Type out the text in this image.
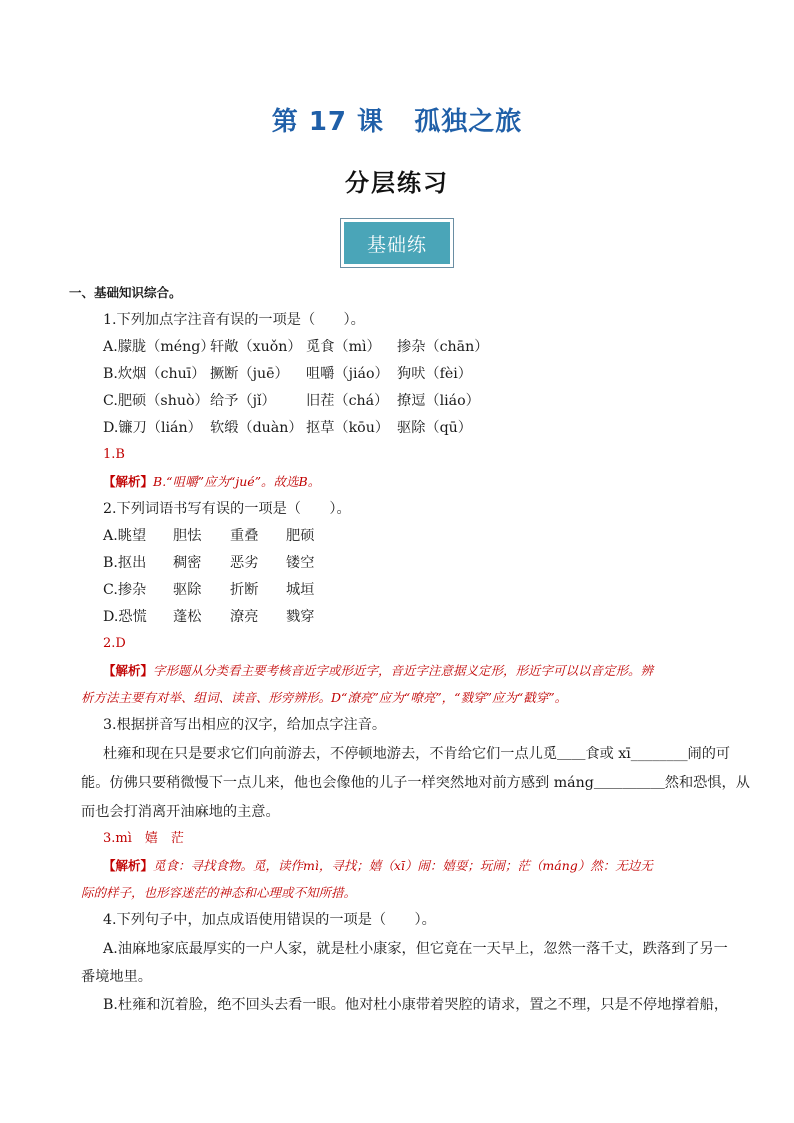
第 17 课   孤独之旅
分层练习
基础练
一、基础知识综合。
1.下列加点字注音有误的一项是（　　）。
A.朦胧（méng）轩敞（xuǒn） 觅食（mì） 掺杂（chān）
B.炊烟（chuī） 撅断（juē） 咀嚼（jiáo） 狗吠（fèi）
C.肥硕（shuò）给予（jǐ） 旧茬（chá） 撩逗（liáo）
D.镰刀（lián） 软缎（duàn） 抠草（kōu） 驱除（qū）
1.B
【解析】B.“咀嚼”应为“jué”。故选B。
2.下列词语书写有误的一项是（　　）。
A.眺望 胆怯 重叠 肥硕
B.抠出 稠密 恶劣 镂空
C.掺杂 驱除 折断 城垣
D.恐慌 蓬松 潦亮 戮穿
2.D
【解析】字形题从分类看主要考核音近字或形近字，音近字注意据义定形，形近字可以以音定形。辨
析方法主要有对举、组词、读音、形旁辨形。D“潦亮”应为“嘹亮”，“戮穿”应为“戳穿”。
3.根据拼音写出相应的汉字，给加点字注音。
杜雍和现在只是要求它们向前游去，不停顿地游去，不肯给它们一点儿觅＿＿食或 xī________闹的可
能。仿佛只要稍微慢下一点儿来，他也会像他的儿子一样突然地对前方感到 máng＿＿＿＿＿然和恐惧，从
而也会打消离开油麻地的主意。
3.mì　嬉　茫
【解析】觅食：寻找食物。觅，读作mì，寻找；嬉（xī）闹：嬉耍；玩闹；茫（máng）然：无边无
际的样子，也形容迷茫的神态和心理或不知所措。
4.下列句子中，加点成语使用错误的一项是（　　）。
A.油麻地家底最厚实的一户人家，就是杜小康家，但它竟在一天早上，忽然一落千丈，跌落到了另一
番境地里。
B.杜雍和沉着脸，绝不回头去看一眼。他对杜小康带着哭腔的请求，置之不理，只是不停地撑着船，
